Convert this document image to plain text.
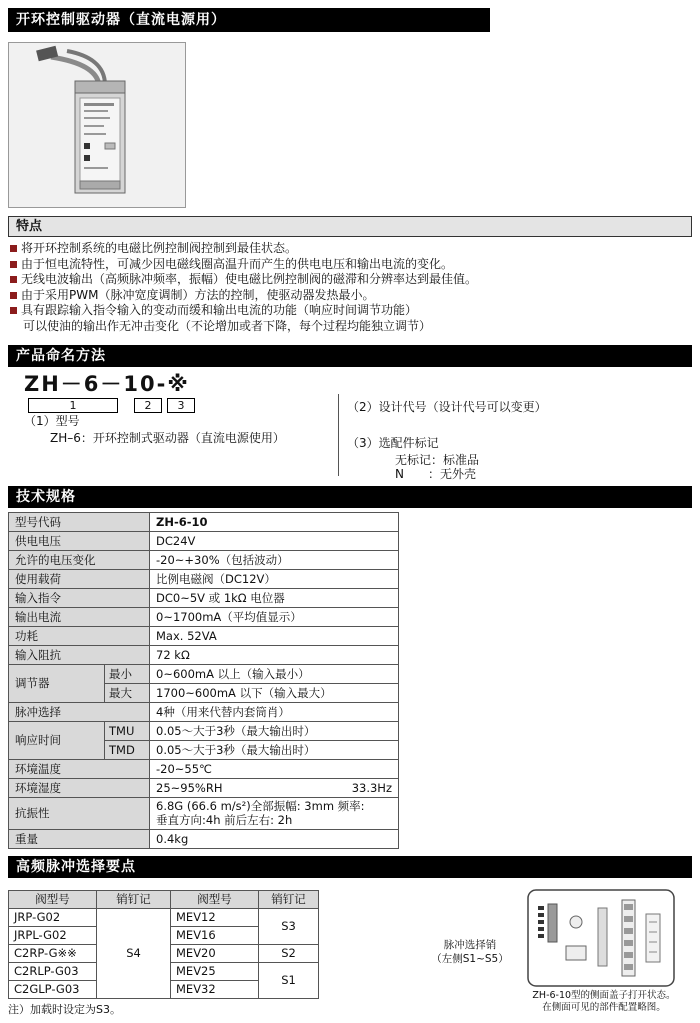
开环控制驱动器（直流电源用）
特点
将开环控制系统的电磁比例控制阀控制到最佳状态。
由于恒电流特性，可减少因电磁线圈高温升而产生的供电电压和输出电流的变化。
无线电波输出（高频脉冲频率，振幅）使电磁比例控制阀的磁滞和分辨率达到最佳值。
由于采用PWM（脉冲宽度调制）方法的控制，使驱动器发热最小。
具有跟踪输入指令输入的变动而缓和输出电流的功能（响应时间调节功能）
可以使油的输出作无冲击变化（不论增加或者下降，每个过程均能独立调节）
产品命名方法
ZH－6－10-※
1	2	3
（1）型号
ZH–6：开环控制式驱动器（直流电源使用）
（2）设计代号（设计代号可以变更）
（3）选配件标记
无标记：标准品
N　　：无外壳
技术规格
型号代码		ZH-6-10
供电电压		DC24V
允许的电压变化		-20~+30%（包括波动）
使用载荷		比例电磁阀（DC12V）
输入指令		DC0~5V 或 1kΩ 电位器
输出电流		0~1700mA（平均值显示）
功耗		Max. 52VA
输入阻抗		72 kΩ
调节器	最小	0~600mA 以上（输入最小）
	最大	1700~600mA 以下（输入最大）
脉冲选择		4种（用来代替内套筒肖）
响应时间	TMU	0.05～大于3秒（最大输出时）
	TMD	0.05～大于3秒（最大输出时）
环境温度		-20~55℃
环境湿度		25~95%RH 33.3Hz

抗振性		6.8G (66.6 m/s²)全部振幅: 3mm 频率:
垂直方向:4h 前后左右: 2h

重量		0.4kg
高频脉冲选择要点
阀型号	销钉记	阀型号	销钉记
JRP-G02	S4	MEV12	S3
JRPL-G02		MEV16	
C2RP-G※※		MEV20	S2
C2RLP-G03		MEV25	S1
C2GLP-G03		MEV32	
注）加载时设定为S3。
脉冲选择销
（左侧S1~S5）
ZH-6-10型的侧面盖子打开状态。
在侧面可见的部件配置略图。
